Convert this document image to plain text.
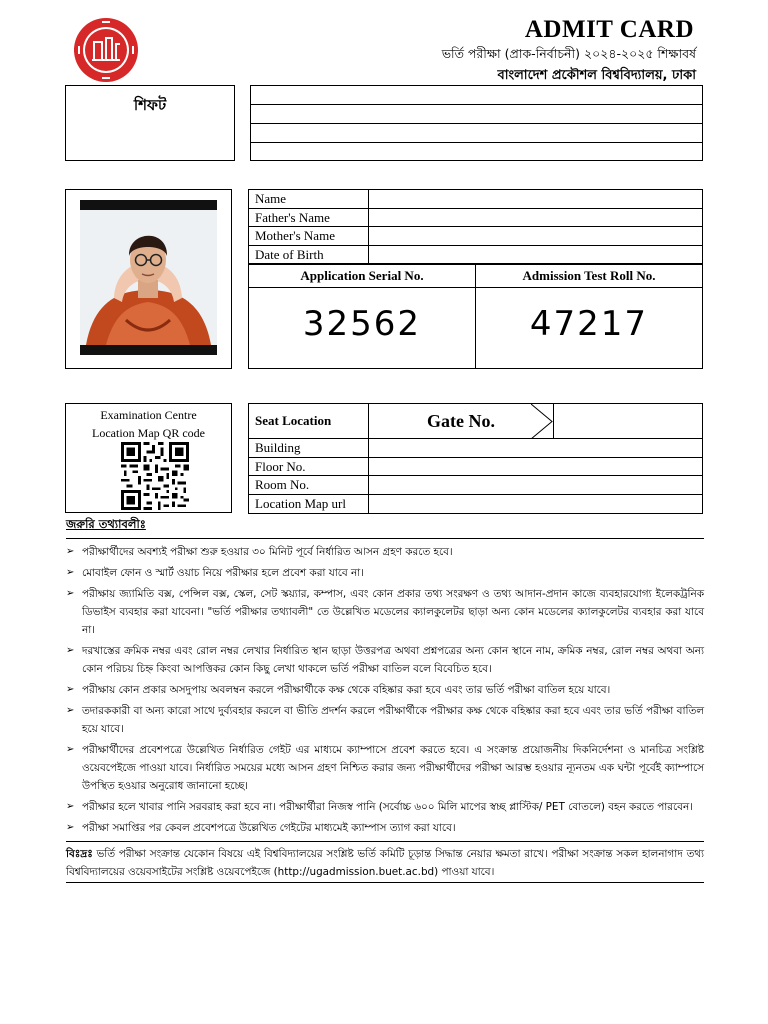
ADMIT CARD
ভর্তি পরীক্ষা (প্রাক-নির্বাচনী) ২০২৪-২০২৫ শিক্ষাবর্ষ
বাংলাদেশ প্রকৌশল বিশ্ববিদ্যালয়, ঢাকা
শিফট
Name
Father's Name
Mother's Name
Date of Birth
Application Serial No.
32562
Admission Test Roll No.
47217
Examination Centre
Location Map QR code
Seat Location	Gate No.
Building
Floor No.
Room No.
Location Map url
জরুরি তথ্যাবলীঃ
➢ পরীক্ষার্থীদের অবশ্যই পরীক্ষা শুরু হওয়ার ৩০ মিনিট পূর্বে নির্ধারিত আসন গ্রহণ করতে হবে।
➢ মোবাইল ফোন ও স্মার্ট ওয়াচ নিয়ে পরীক্ষার হলে প্রবেশ করা যাবে না।
➢ পরীক্ষায় জ্যামিতি বক্স, পেন্সিল বক্স, স্কেল, সেট স্কয়্যার, কম্পাস, এবং কোন প্রকার তথ্য সংরক্ষণ ও তথ্য আদান-প্রদান কাজে ব্যবহারযোগ্য ইলেকট্রনিক ডিভাইস ব্যবহার করা যাবেনা। "ভর্তি পরীক্ষার তথ্যাবলী" তে উল্লেখিত মডেলের ক্যালকুলেটর ছাড়া অন্য কোন মডেলের ক্যালকুলেটর ব্যবহার করা যাবে না।
➢ দরখাস্তের ক্রমিক নম্বর এবং রোল নম্বর লেখার নির্ধারিত স্থান ছাড়া উত্তরপত্র অথবা প্রশ্নপত্রের অন্য কোন স্থানে নাম, ক্রমিক নম্বর, রোল নম্বর অথবা অন্য কোন পরিচয় চিহ্ন কিংবা আপত্তিকর কোন কিছু লেখা থাকলে ভর্তি পরীক্ষা বাতিল বলে বিবেচিত হবে।
➢ পরীক্ষায় কোন প্রকার অসদুপায় অবলম্বন করলে পরীক্ষার্থীকে কক্ষ থেকে বহিষ্কার করা হবে এবং তার ভর্তি পরীক্ষা বাতিল হয়ে যাবে।
➢ তদারককারী বা অন্য কারো সাথে দুর্ব্যবহার করলে বা ভীতি প্রদর্শন করলে পরীক্ষার্থীকে পরীক্ষার কক্ষ থেকে বহিষ্কার করা হবে এবং তার ভর্তি পরীক্ষা বাতিল হয়ে যাবে।
➢ পরীক্ষার্থীদের প্রবেশপত্রে উল্লেখিত নির্ধারিত গেইট এর মাধ্যমে ক্যাম্পাসে প্রবেশ করতে হবে। এ সংক্রান্ত প্রয়োজনীয় দিকনির্দেশনা ও মানচিত্র সংশ্লিষ্ট ওয়েবপেইজে পাওয়া যাবে। নির্ধারিত সময়ের মধ্যে আসন গ্রহণ নিশ্চিত করার জন্য পরীক্ষার্থীদের পরীক্ষা আরম্ভ হওয়ার ন্যূনতম এক ঘন্টা পূর্বেই ক্যাম্পাসে উপস্থিত হওয়ার অনুরোধ জানানো হচ্ছে।
➢ পরীক্ষার হলে খাবার পানি সরবরাহ করা হবে না। পরীক্ষার্থীরা নিজস্ব পানি (সর্বোচ্চ ৬০০ মিলি মাপের স্বচ্ছ প্লাস্টিক/ PET বোতলে) বহন করতে পারবেন।
➢ পরীক্ষা সমাপ্তির পর কেবল প্রবেশপত্রে উল্লেখিত গেইটের মাধ্যমেই ক্যাম্পাস ত্যাগ করা যাবে।
বিঃদ্রঃ ভর্তি পরীক্ষা সংক্রান্ত যেকোন বিষয়ে এই বিশ্ববিদ্যালয়ের সংশ্লিষ্ট ভর্তি কমিটি চূড়ান্ত সিদ্ধান্ত নেয়ার ক্ষমতা রাখে। পরীক্ষা সংক্রান্ত সকল হালনাগাদ তথ্য বিশ্ববিদ্যালয়ের ওয়েবসাইটের সংশ্লিষ্ট ওয়েবপেইজে (http://ugadmission.buet.ac.bd) পাওয়া যাবে।
